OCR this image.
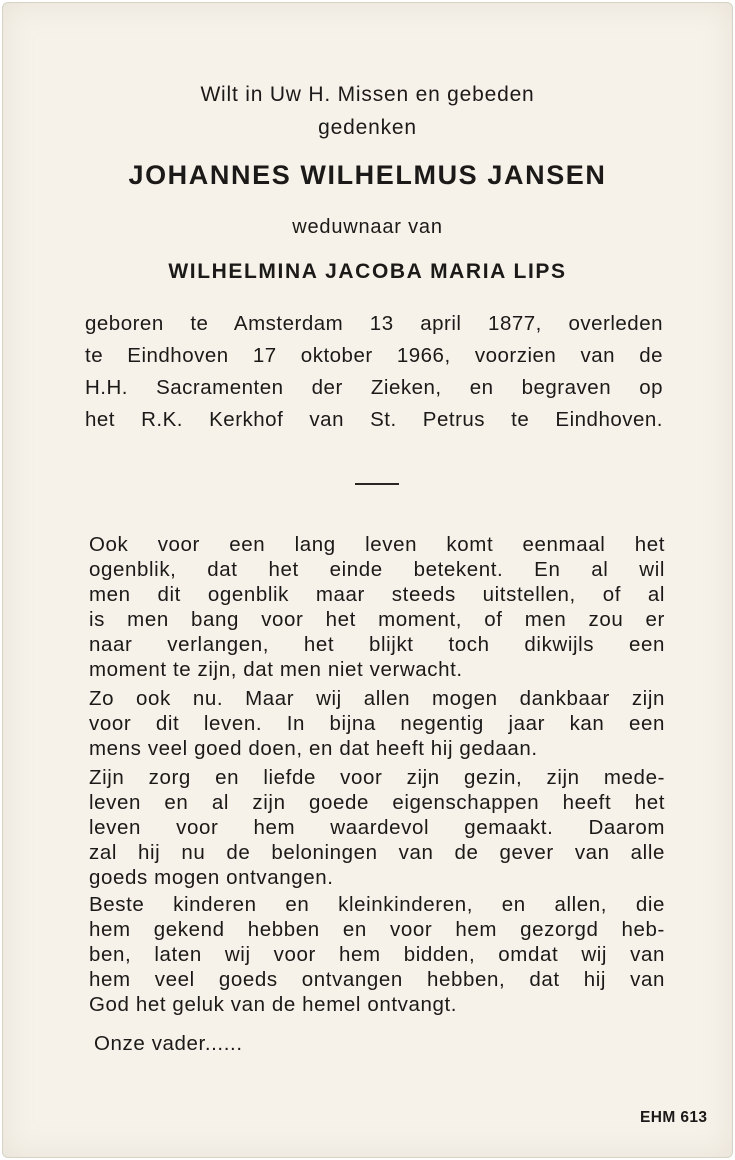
Wilt in Uw H. Missen en gebeden
gedenken
JOHANNES WILHELMUS JANSEN
weduwnaar van
WILHELMINA JACOBA MARIA LIPS
geboren te Amsterdam 13 april 1877, overleden
te Eindhoven 17 oktober 1966, voorzien van de
H.H. Sacramenten der Zieken, en begraven op
het R.K. Kerkhof van St. Petrus te Eindhoven.
Ook voor een lang leven komt eenmaal het
ogenblik, dat het einde betekent. En al wil
men dit ogenblik maar steeds uitstellen, of al
is men bang voor het moment, of men zou er
naar verlangen, het blijkt toch dikwijls een
moment te zijn, dat men niet verwacht.
Zo ook nu. Maar wij allen mogen dankbaar zijn
voor dit leven. In bijna negentig jaar kan een
mens veel goed doen, en dat heeft hij gedaan.
Zijn zorg en liefde voor zijn gezin, zijn mede-
leven en al zijn goede eigenschappen heeft het
leven voor hem waardevol gemaakt. Daarom
zal hij nu de beloningen van de gever van alle
goeds mogen ontvangen.
Beste kinderen en kleinkinderen, en allen, die
hem gekend hebben en voor hem gezorgd heb-
ben, laten wij voor hem bidden, omdat wij van
hem veel goeds ontvangen hebben, dat hij van
God het geluk van de hemel ontvangt.
Onze vader......
EHM 613
